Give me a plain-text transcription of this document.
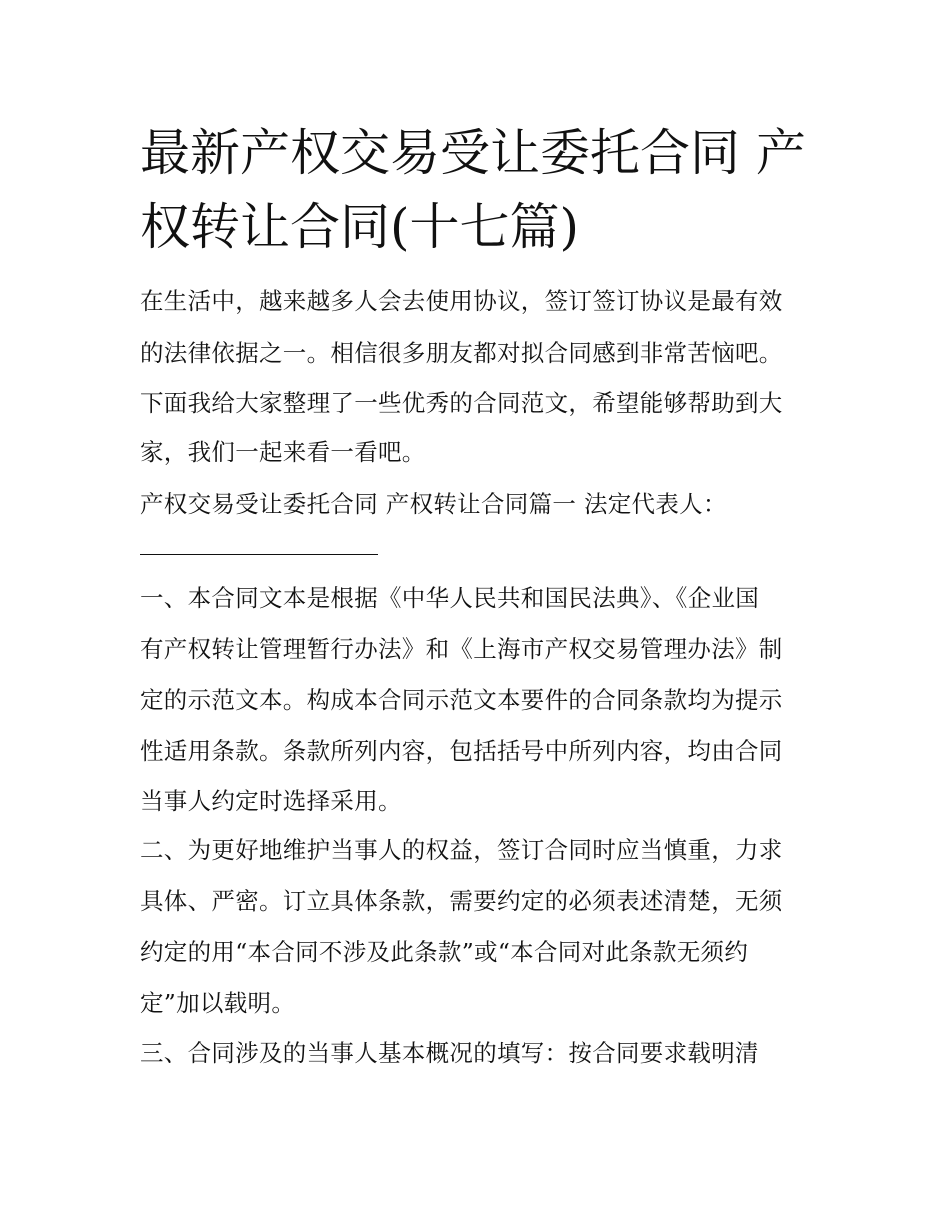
最新产权交易受让委托合同 产
权转让合同(十七篇)
在生活中，越来越多人会去使用协议，签订签订协议是最有效
的法律依据之一。相信很多朋友都对拟合同感到非常苦恼吧。
下面我给大家整理了一些优秀的合同范文，希望能够帮助到大
家，我们一起来看一看吧。
产权交易受让委托合同 产权转让合同篇一 法定代表人：
一、本合同文本是根据《中华人民共和国民法典》、《企业国
有产权转让管理暂行办法》和《上海市产权交易管理办法》制
定的示范文本。构成本合同示范文本要件的合同条款均为提示
性适用条款。条款所列内容，包括括号中所列内容，均由合同
当事人约定时选择采用。
二、为更好地维护当事人的权益，签订合同时应当慎重，力求
具体、严密。订立具体条款，需要约定的必须表述清楚，无须
约定的用“本合同不涉及此条款”或“本合同对此条款无须约
定”加以载明。
三、合同涉及的当事人基本概况的填写：按合同要求载明清
